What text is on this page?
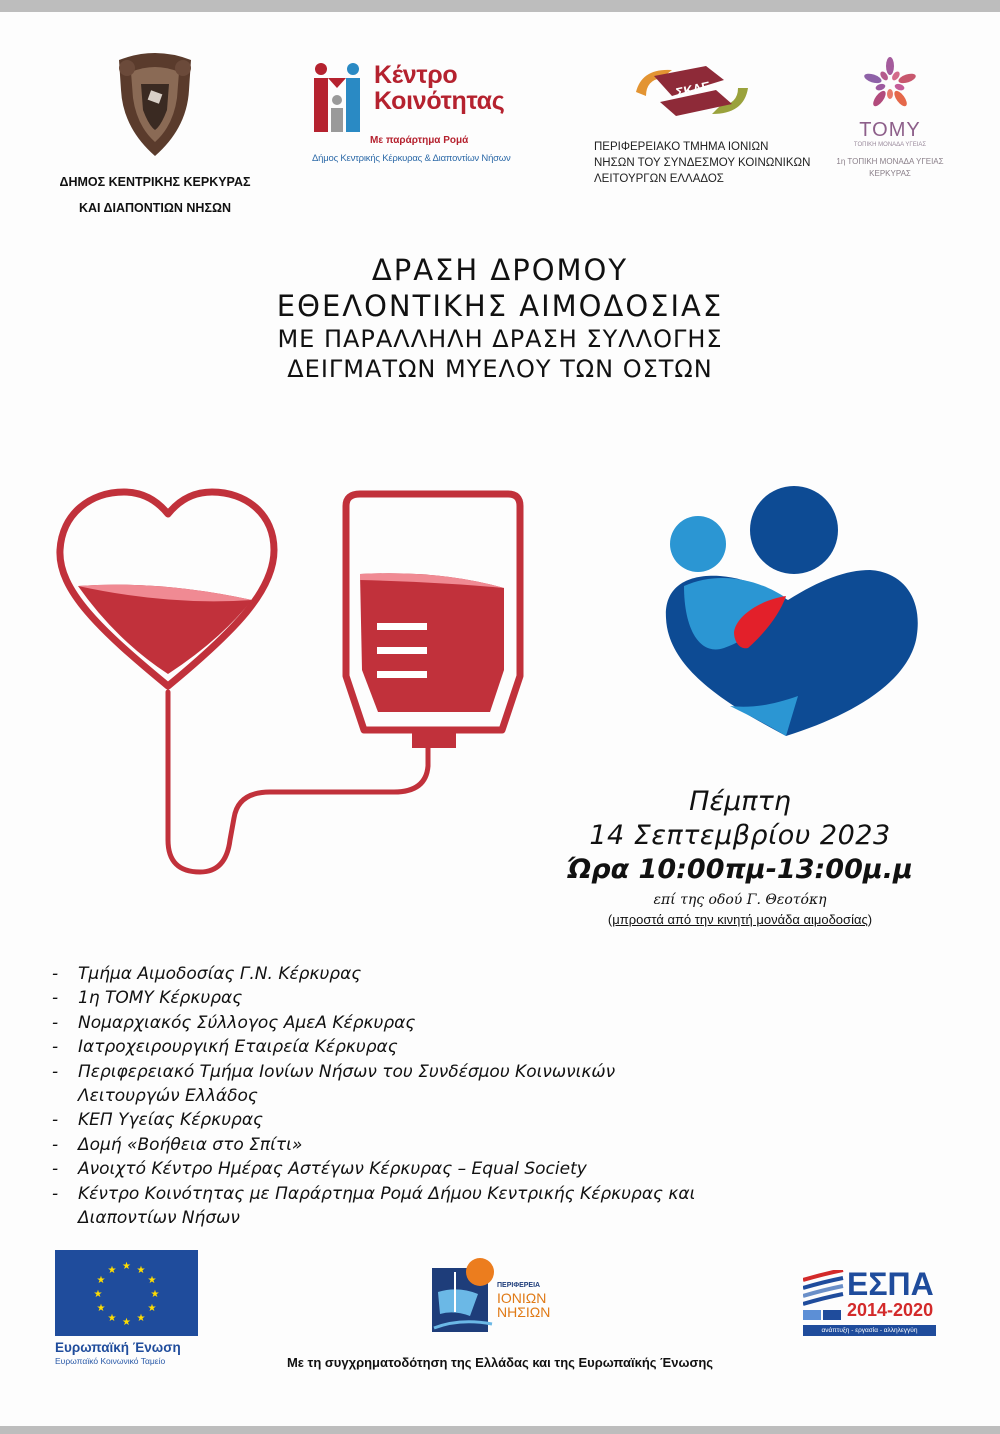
ΔΗΜΟΣ ΚΕΝΤΡΙΚΗΣ ΚΕΡΚΥΡΑΣ
ΚΑΙ ΔΙΑΠΟΝΤΙΩΝ ΝΗΣΩΝ
Κέντρο
Κοινότητας
Με παράρτημα Ρομά
Δήμος Κεντρικής Κέρκυρας & Διαποντίων Νήσων
ΣΚΛΕ
ΠΕΡΙΦΕΡΕΙΑΚΟ ΤΜΗΜΑ ΙΟΝΙΩΝ
ΝΗΣΩΝ ΤΟΥ ΣΥΝΔΕΣΜΟΥ ΚΟΙΝΩΝΙΚΩΝ
ΛΕΙΤΟΥΡΓΩΝ ΕΛΛΑΔΟΣ
ΤΟΜΥ
ΤΟΠΙΚΗ ΜΟΝΑΔΑ ΥΓΕΙΑΣ
1η ΤΟΠΙΚΗ ΜΟΝΑΔΑ ΥΓΕΙΑΣ
ΚΕΡΚΥΡΑΣ
ΔΡΑΣΗ ΔΡΟΜΟΥ
ΕΘΕΛΟΝΤΙΚΗΣ ΑΙΜΟΔΟΣΙΑΣ
ΜΕ ΠΑΡΑΛΛΗΛΗ ΔΡΑΣΗ ΣΥΛΛΟΓΗΣ
ΔΕΙΓΜΑΤΩΝ ΜΥΕΛΟΥ ΤΩΝ ΟΣΤΩΝ
Πέμπτη
14 Σεπτεμβρίου 2023
Ώρα 10:00πμ-13:00μ.μ
επί της οδού Γ. Θεοτόκη
(μπροστά από την κινητή μονάδα αιμοδοσίας)
- Τμήμα Αιμοδοσίας Γ.Ν. Κέρκυρας
- 1η ΤΟΜΥ Κέρκυρας
- Νομαρχιακός Σύλλογος ΑμεΑ Κέρκυρας
- Ιατροχειρουργική Εταιρεία Κέρκυρας
- Περιφερειακό Τμήμα Ιονίων Νήσων του Συνδέσμου Κοινωνικών Λειτουργών Ελλάδος
- ΚΕΠ Υγείας Κέρκυρας
- Δομή «Βοήθεια στο Σπίτι»
- Ανοιχτό Κέντρο Ημέρας Αστέγων Κέρκυρας – Equal Society
- Κέντρο Κοινότητας με Παράρτημα Ρομά Δήμου Κεντρικής Κέρκυρας και Διαποντίων Νήσων
★ ★
★
★
★
★
★
★
★
★
★
★
Ευρωπαϊκή Ένωση
Ευρωπαϊκό Κοινωνικό Ταμείο
ΠΕΡΙΦΕΡΕΙΑ
ΙΟΝΙΩΝ
ΝΗΣΙΩΝ
ΕΣΠΑ
2014-2020
ανάπτυξη - εργασία - αλληλεγγύη
Με τη συγχρηματοδότηση της Ελλάδας και της Ευρωπαϊκής Ένωσης
